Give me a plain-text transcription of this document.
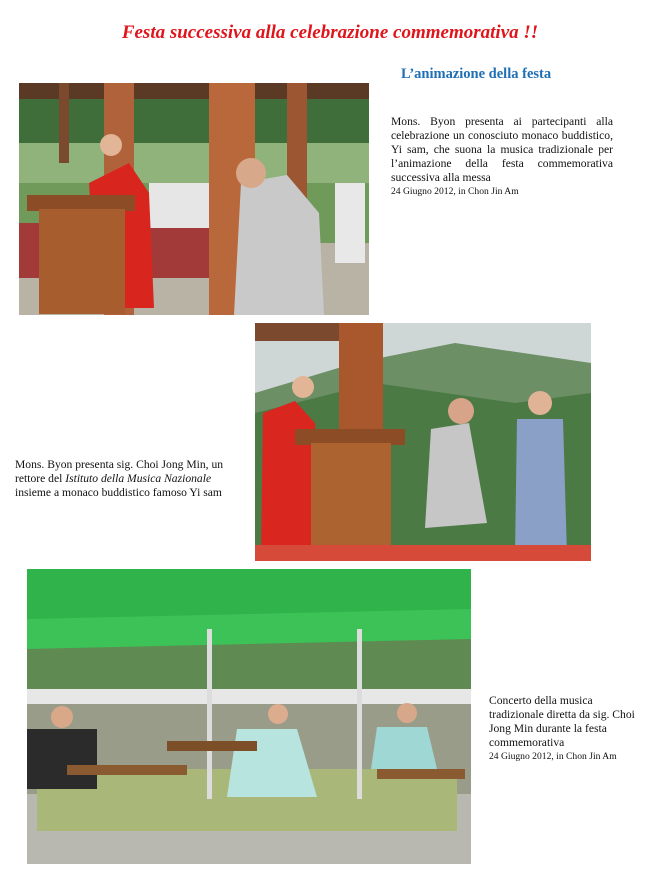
Festa successiva alla celebrazione commemorativa !!
L’animazione della festa
Mons. Byon presenta ai partecipanti alla celebrazione un conosciuto monaco buddistico, Yi sam, che suona la musica tradizionale per l’animazione della festa commemorativa successiva alla messa
24 Giugno 2012, in Chon Jin Am
Mons. Byon presenta sig. Choi Jong Min, un rettore del Istituto della Musica Nazionale insieme a monaco buddistico famoso Yi sam
Concerto della musica tradizionale diretta da sig. Choi Jong Min durante la festa commemorativa
24 Giugno 2012, in Chon Jin Am
